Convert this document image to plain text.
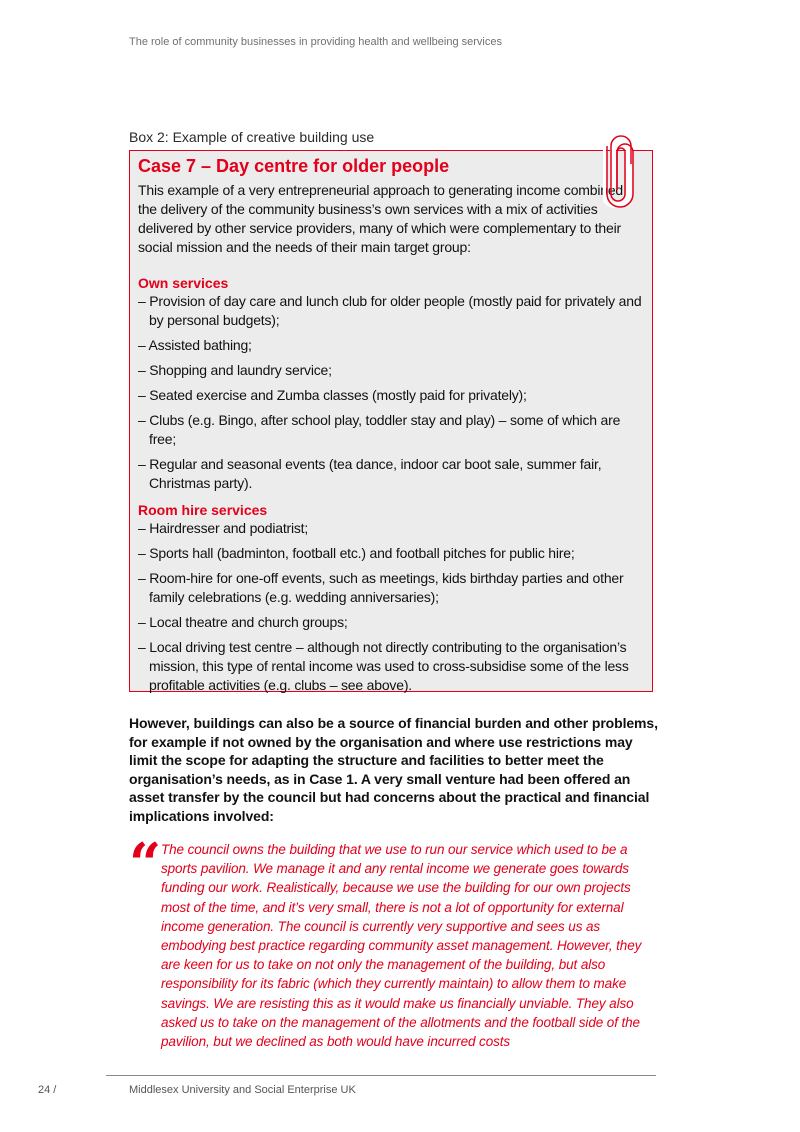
The role of community businesses in providing health and wellbeing services
Box 2: Example of creative building use
Case 7 – Day centre for older people

This example of a very entrepreneurial approach to generating income combined the delivery of the community business’s own services with a mix of activities delivered by other service providers, many of which were complementary to their social mission and the needs of their main target group:

Own services
– Provision of day care and lunch club for older people (mostly paid for privately and by personal budgets);
– Assisted bathing;
– Shopping and laundry service;
– Seated exercise and Zumba classes (mostly paid for privately);
– Clubs (e.g. Bingo, after school play, toddler stay and play) – some of which are free;
– Regular and seasonal events (tea dance, indoor car boot sale, summer fair, Christmas party).
Room hire services
– Hairdresser and podiatrist;
– Sports hall (badminton, football etc.) and football pitches for public hire;
– Room-hire for one-off events, such as meetings, kids birthday parties and other family celebrations (e.g. wedding anniversaries);
– Local theatre and church groups;
– Local driving test centre – although not directly contributing to the organisation’s mission, this type of rental income was used to cross-subsidise some of the less profitable activities (e.g. clubs – see above).

However, buildings can also be a source of financial burden and other problems, for example if not owned by the organisation and where use restrictions may limit the scope for adapting the structure and facilities to better meet the organisation’s needs, as in Case 1. A very small venture had been offered an asset transfer by the council but had concerns about the practical and financial implications involved:

“ The council owns the building that we use to run our service which used to be a sports pavilion. We manage it and any rental income we generate goes towards funding our work. Realistically, because we use the building for our own projects most of the time, and it’s very small, there is not a lot of opportunity for external income generation. The council is currently very supportive and sees us as embodying best practice regarding community asset management. However, they are keen for us to take on not only the management of the building, but also responsibility for its fabric (which they currently maintain) to allow them to make savings. We are resisting this as it would make us financially unviable. They also asked us to take on the management of the allotments and the football side of the pavilion, but we declined as both would have incurred costs

24 /	Middlesex University and Social Enterprise UK
